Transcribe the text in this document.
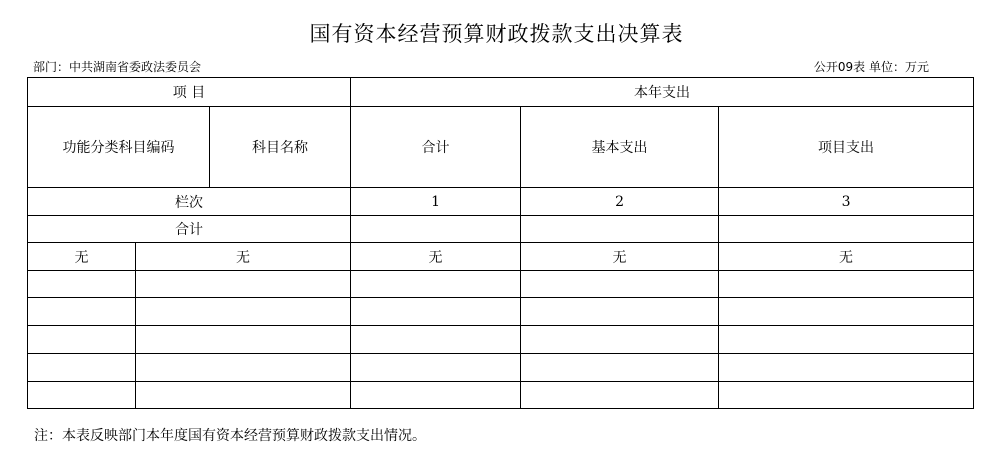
国有资本经营预算财政拨款支出决算表
部门：中共湖南省委政法委员会	公开09表 单位：万元
项 目			本年支出		
功能分类科目编码		科目名称	合计	基本支出	项目支出
栏次			1	2	3
合计					
无	无		无	无	无

注：本表反映部门本年度国有资本经营预算财政拨款支出情况。
